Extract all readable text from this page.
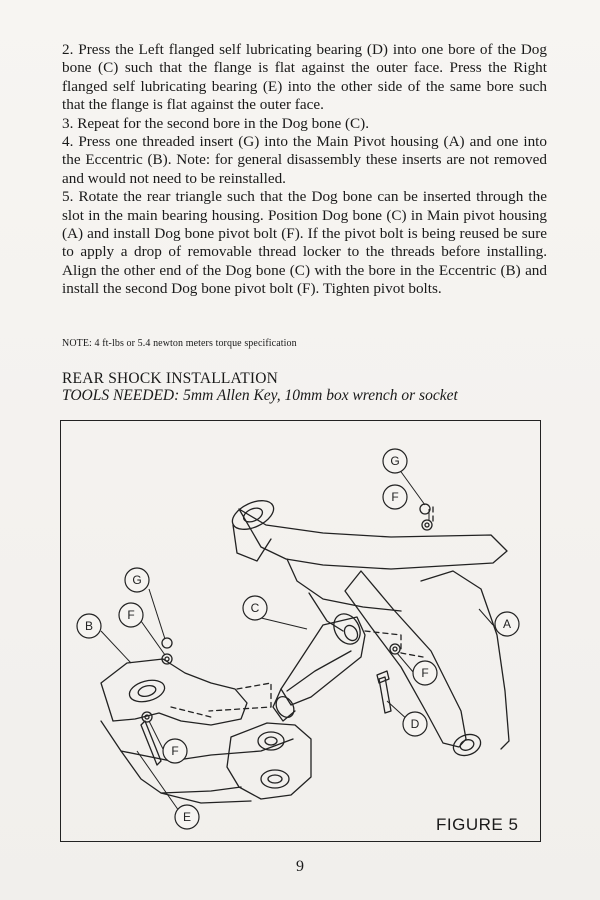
2. Press the Left flanged self lubricating bearing (D) into one bore of the Dog bone (C) such that the flange is flat against the outer face. Press the Right flanged self lubricating bearing (E) into the other side of the same bore such that the flange is flat against the outer face.

3. Repeat for the second bore in the Dog bone (C).

4. Press one threaded insert (G) into the Main Pivot housing (A) and one into the Eccentric (B). Note: for general disassembly these inserts are not removed and would not need to be reinstalled.

5. Rotate the rear triangle such that the Dog bone can be inserted through the slot in the main bearing housing. Position Dog bone (C) in Main pivot housing (A) and install Dog bone pivot bolt (F). If the pivot bolt is being reused be sure to apply a drop of removable thread locker to the threads before installing. Align the other end of the Dog bone (C) with the bore in the Eccentric (B) and install the second Dog bone pivot bolt (F). Tighten pivot bolts.

NOTE: 4 ft-lbs or 5.4 newton meters torque specification
REAR SHOCK INSTALLATION
TOOLS NEEDED: 5mm Allen Key, 10mm box wrench or socket
G
F
A
C
G
F
B
F
D
F
E	FIGURE 5
9
